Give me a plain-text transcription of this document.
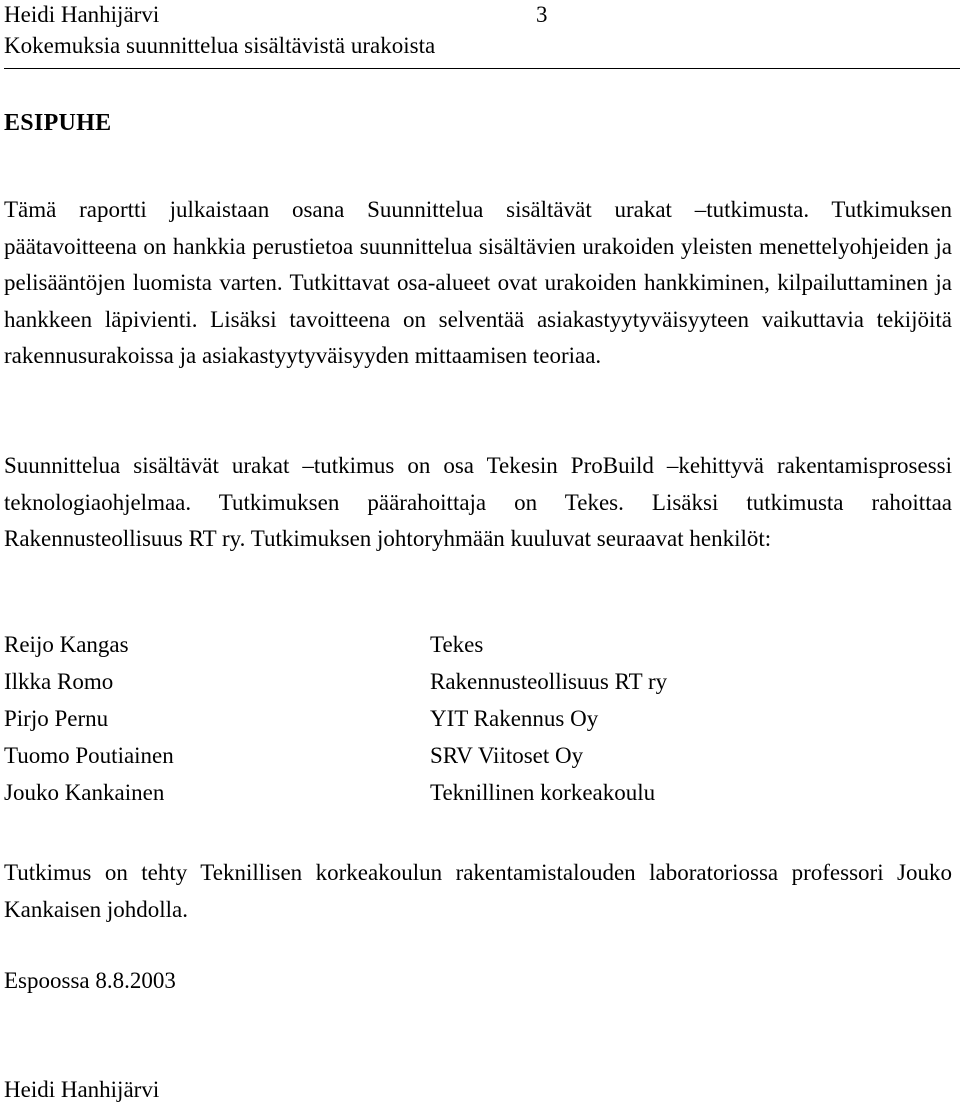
Heidi Hanhijärvi	3
Kokemuksia suunnittelua sisältävistä urakoista
ESIPUHE

Tämä raportti julkaistaan osana Suunnittelua sisältävät urakat –tutkimusta. Tutkimuksen päätavoitteena on hankkia perustietoa suunnittelua sisältävien urakoiden yleisten menettelyohjeiden ja pelisääntöjen luomista varten. Tutkittavat osa-alueet ovat urakoiden hankkiminen, kilpailuttaminen ja hankkeen läpivienti. Lisäksi tavoitteena on selventää asiakastyytyväisyyteen vaikuttavia tekijöitä rakennusurakoissa ja asiakastyytyväisyyden mittaamisen teoriaa.

Suunnittelua sisältävät urakat –tutkimus on osa Tekesin ProBuild –kehittyvä rakentamisprosessi teknologiaohjelmaa. Tutkimuksen päärahoittaja on Tekes. Lisäksi tutkimusta rahoittaa Rakennusteollisuus RT ry. Tutkimuksen johtoryhmään kuuluvat seuraavat henkilöt:

Reijo Kangas	Tekes
Ilkka Romo	Rakennusteollisuus RT ry
Pirjo Pernu	YIT Rakennus Oy
Tuomo Poutiainen	SRV Viitoset Oy
Jouko Kankainen	Teknillinen korkeakoulu

Tutkimus on tehty Teknillisen korkeakoulun rakentamistalouden laboratoriossa professori Jouko Kankaisen johdolla.

Espoossa 8.8.2003
Heidi Hanhijärvi
